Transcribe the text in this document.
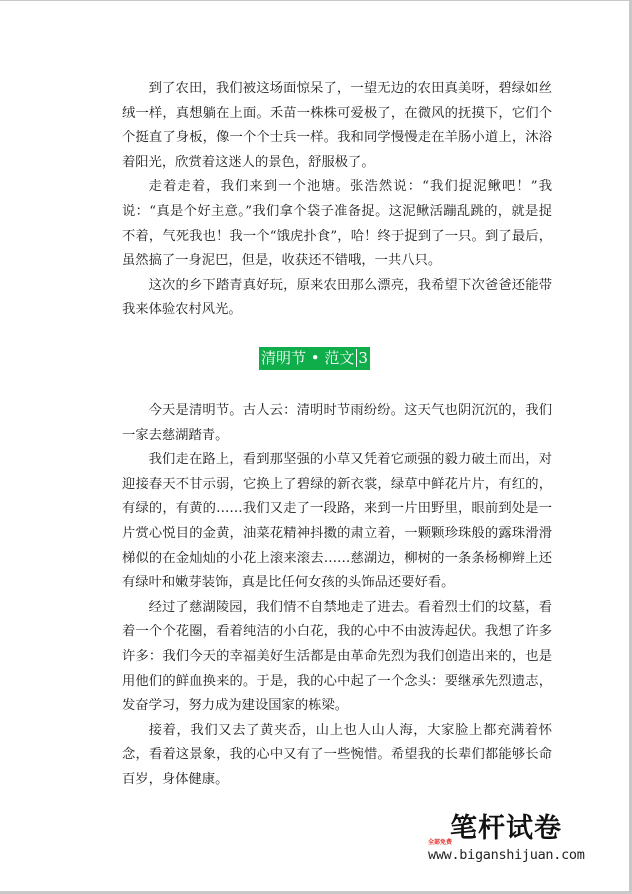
到了农田，我们被这场面惊呆了，一望无边的农田真美呀，碧绿如丝绒一样，真想躺在上面。禾苗一株株可爱极了，在微风的抚摸下，它们个个挺直了身板，像一个个士兵一样。我和同学慢慢走在羊肠小道上，沐浴着阳光，欣赏着这迷人的景色，舒服极了。

走着走着，我们来到一个池塘。张浩然说：“我们捉泥鳅吧！”我说：“真是个好主意。”我们拿个袋子准备捉。这泥鳅活蹦乱跳的，就是捉不着，气死我也！我一个“饿虎扑食”，哈！终于捉到了一只。到了最后，虽然搞了一身泥巴，但是，收获还不错哦，一共八只。

这次的乡下踏青真好玩，原来农田那么漂亮，我希望下次爸爸还能带我来体验农村风光。

清明节 • 范文 3

今天是清明节。古人云：清明时节雨纷纷。这天气也阴沉沉的，我们一家去慈湖踏青。

我们走在路上，看到那坚强的小草又凭着它顽强的毅力破土而出，对迎接春天不甘示弱，它换上了碧绿的新衣裳，绿草中鲜花片片，有红的，有绿的，有黄的……我们又走了一段路，来到一片田野里，眼前到处是一片赏心悦目的金黄，油菜花精神抖擞的肃立着，一颗颗珍珠般的露珠滑滑梯似的在金灿灿的小花上滚来滚去……慈湖边，柳树的一条条杨柳辫上还有绿叶和嫩芽装饰，真是比任何女孩的头饰品还要好看。

经过了慈湖陵园，我们情不自禁地走了进去。看着烈士们的坟墓，看着一个个花圈，看着纯洁的小白花，我的心中不由波涛起伏。我想了许多许多：我们今天的幸福美好生活都是由革命先烈为我们创造出来的，也是用他们的鲜血换来的。于是，我的心中起了一个念头：要继承先烈遗志，发奋学习，努力成为建设国家的栋梁。

接着，我们又去了黄夹岙，山上也人山人海，大家脸上都充满着怀念，看着这景象，我的心中又有了一些惋惜。希望我的长辈们都能够长命百岁，身体健康。

笔杆试卷
全部免费
www.biganshijuan.com
